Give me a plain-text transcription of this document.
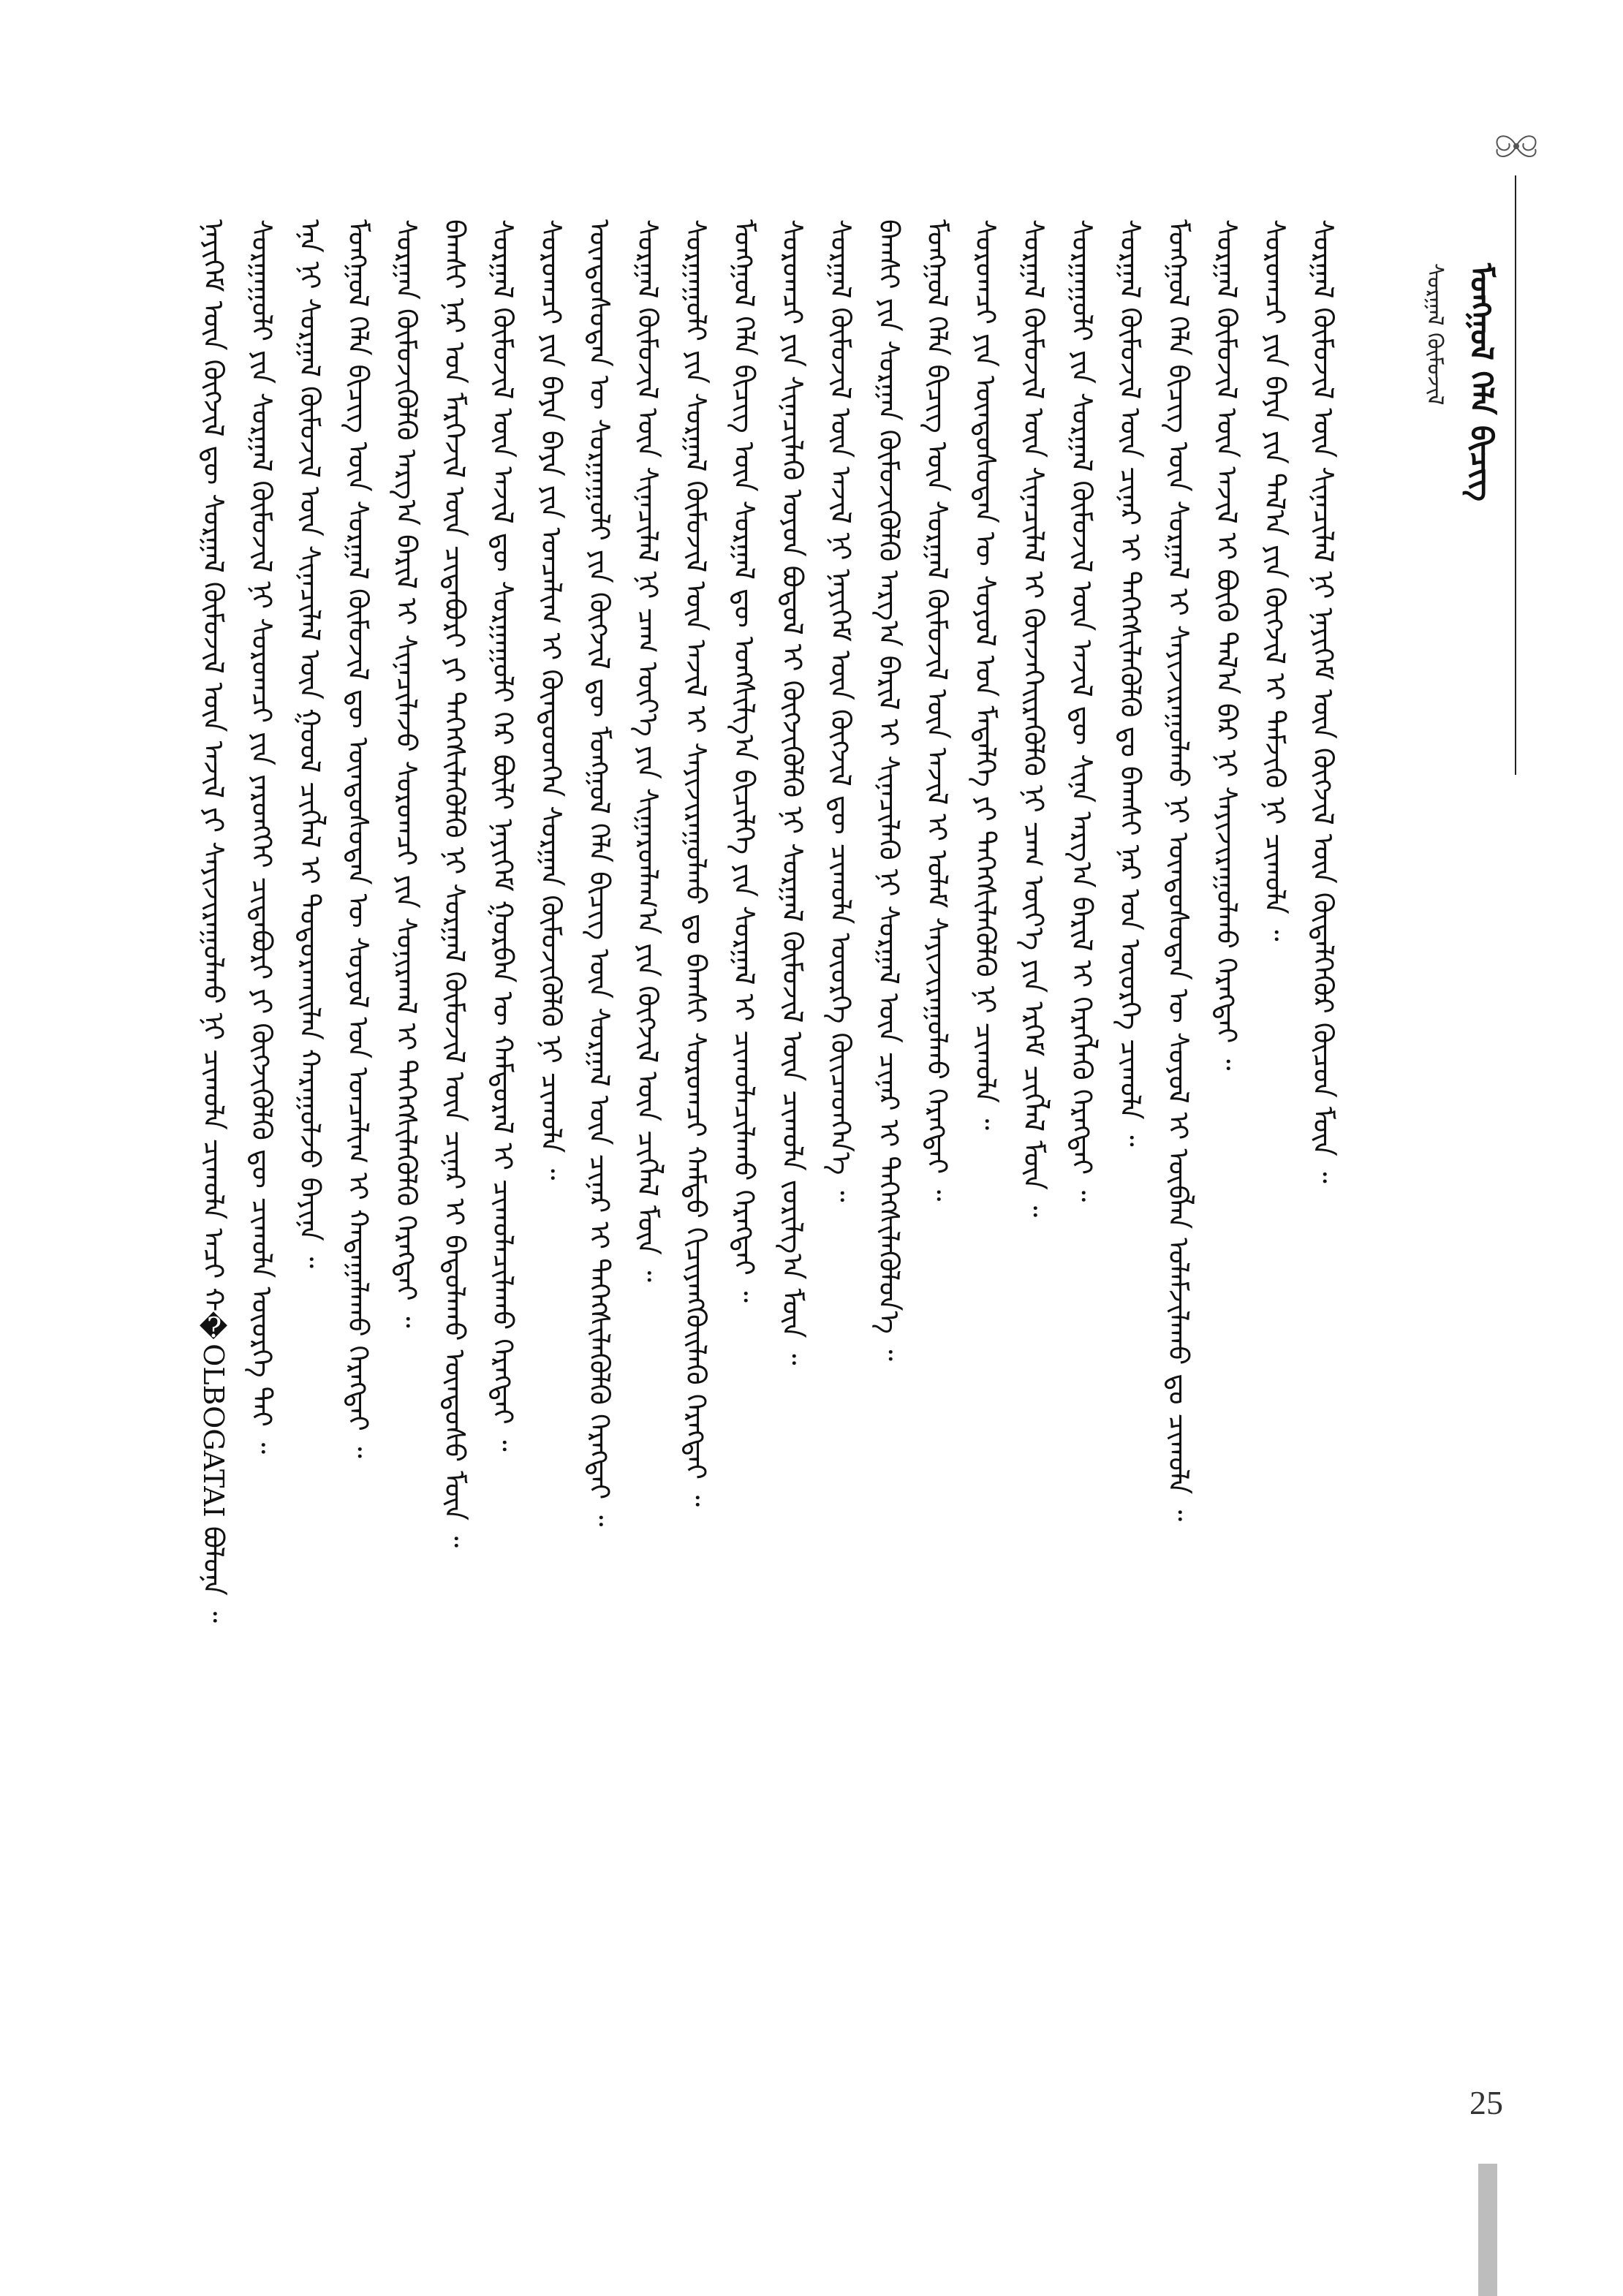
ᠮᠣᠩᠭᠣᠯ ᠬᠡᠯᠡ ᠪᠢᠴᠢᠭ
ᠰᠤᠷᠭᠠᠯ ᠬᠦᠮᠦᠵᠢᠯ
ᠨᠡᠶᠢᠭᠡᠮ ᠦᠨ ᠬᠥᠭᠵᠢᠯ ᠳᠦ ᠰᠤᠷᠭᠠᠯ ᠬᠦᠮᠦᠵᠢᠯ ᠦᠨ ᠠᠵᠢᠯ ᠶᠢ ᠰᠠᠶᠢᠵᠢᠷᠠᠭᠤᠯᠬᠤ ᠨᠢ ᠴᠢᠬᠤᠯᠠ ᠴᠢᠬᠤᠯᠠ ᠠᠴᠢ ᠬ�OLBOGATAI ᠪᠣᠯᠤᠨᠠ ᠃ ᠰᠤᠷᠭᠠᠭᠤᠯᠢ ᠶᠢᠨ ᠰᠤᠷᠭᠠᠯ ᠬᠦᠮᠦᠵᠢᠯ ᠨᠢ ᠰᠤᠷᠤᠭᠴᠢ ᠶᠢᠨ ᠶᠡᠷᠦᠩᠬᠡᠢ ᠴᠢᠳᠠᠪᠤᠷᠢ ᠶᠢ ᠬᠥᠭᠵᠢᠭᠦᠯᠬᠦ ᠳᠦ ᠴᠢᠬᠤᠯᠠ ᠦᠦᠷᠭᠡ ᠲᠡᠢ ᠃ ᠡᠨᠡ ᠨᠢ ᠰᠤᠷᠭᠠᠯ ᠬᠦᠮᠦᠵᠢᠯ ᠦᠨ ᠰᠢᠨᠡᠴᠢᠯᠡᠯ ᠦᠨ ᠭᠣᠣᠯ ᠴᠢᠭᠯᠡᠯ ᠢ ᠲᠣᠳᠣᠷᠬᠠᠢᠯᠠᠨ ᠬᠠᠷᠠᠭᠤᠯᠵᠤ ᠪᠠᠶᠢᠨᠠ ᠃ ᠮᠣᠩᠭᠣᠯ ᠬᠡᠯᠡ ᠪᠢᠴᠢᠭ ᠦᠨ ᠰᠤᠷᠭᠠᠯ ᠬᠦᠮᠦᠵᠢᠯ ᠳᠦ ᠦᠨᠳᠦᠰᠦᠲᠡᠨ ᠦ ᠰᠣᠶᠣᠯ ᠤᠨ ᠣᠨᠴᠠᠯᠢᠭ ᠢ ᠬᠠᠳᠠᠭᠠᠯᠠᠬᠤ ᠬᠡᠷᠡᠭᠲᠡᠢ ᠃ ᠰᠤᠷᠭᠠᠨ ᠬᠦᠮᠦᠵᠢᠭᠦᠯᠬᠦ ᠠᠷᠭ᠎ᠠ ᠪᠠᠷᠢᠯ ᠢ ᠰᠢᠨᠡᠴᠢᠯᠡᠵᠦ ᠰᠤᠷᠤᠭᠴᠢ ᠶᠢᠨ ᠰᠣᠨᠢᠷᠬᠠᠯ ᠢ ᠳᠡᠭᠡᠭᠰᠢᠯᠡᠭᠦᠯᠬᠦ ᠬᠡᠷᠡᠭᠲᠡᠢ ᠃ ᠪᠠᠭᠰᠢ ᠨᠠᠷ ᠤᠨ ᠮᠡᠷᠭᠡᠵᠢᠯ ᠦᠨ ᠴᠢᠳᠠᠪᠤᠷᠢ ᠶᠢ ᠳᠡᠭᠡᠭᠰᠢᠯᠡᠭᠦᠯᠬᠦ ᠨᠢ ᠰᠤᠷᠭᠠᠯ ᠬᠦᠮᠦᠵᠢᠯ ᠦᠨ ᠴᠢᠨᠠᠷ ᠢ ᠪᠠᠲᠤᠯᠠᠬᠤ ᠦᠨᠳᠦᠰᠦ ᠮᠥᠨ ᠃ ᠰᠤᠷᠭᠠᠯ ᠬᠦᠮᠦᠵᠢᠯ ᠦᠨ ᠠᠵᠢᠯ ᠳᠦ ᠰᠤᠷᠭᠠᠭᠤᠯᠢ ᠭᠡᠷ ᠪᠦᠯᠢ ᠨᠡᠶᠢᠭᠡᠮ ᠭᠤᠷᠪᠠᠨ ᠦ ᠬᠠᠮᠲᠤᠷᠠᠯ ᠢ ᠴᠢᠬᠤᠯᠠᠴᠢᠯᠠᠬᠤ ᠬᠡᠷᠡᠭᠲᠡᠢ ᠃ ᠰᠤᠷᠤᠭᠴᠢ ᠶᠢᠨ ᠪᠡᠶᠡ ᠪᠡᠶᠡ ᠶᠢᠨ ᠣᠨᠴᠠᠯᠢᠭ ᠢ ᠬᠦᠨᠳᠦᠳᠬᠡᠨ ᠰᠤᠷᠭᠠᠨ ᠬᠦᠮᠦᠵᠢᠭᠦᠯᠬᠦ ᠨᠢ ᠴᠢᠬᠤᠯᠠ ᠃ ᠦᠨᠳᠦᠰᠦᠲᠡᠨ ᠦ ᠰᠤᠷᠭᠠᠭᠤᠯᠢ ᠶᠢᠨ ᠬᠥᠭᠵᠢᠯ ᠳᠦ ᠮᠣᠩᠭᠣᠯ ᠬᠡᠯᠡ ᠪᠢᠴᠢᠭ ᠦᠨ ᠰᠤᠷᠭᠠᠯ ᠦᠨ ᠴᠢᠨᠠᠷ ᠢ ᠳᠡᠭᠡᠭᠰᠢᠯᠡᠭᠦᠯᠬᠦ ᠬᠡᠷᠡᠭᠲᠡᠢ ᠃ ᠰᠤᠷᠭᠠᠯ ᠬᠦᠮᠦᠵᠢᠯ ᠦᠨ ᠰᠢᠨᠡᠴᠢᠯᠡᠯ ᠨᠢ ᠴᠠᠭ ᠦᠶ᠎ᠡ ᠶᠢᠨ ᠰᠢᠭᠠᠷᠳᠯᠠᠭ᠎ᠠ ᠶᠢᠨ ᠬᠥᠭᠵᠢᠯ ᠦᠨ ᠴᠢᠭᠯᠡᠯ ᠮᠥᠨ ᠃ ᠰᠤᠷᠭᠠᠭᠤᠯᠢ ᠶᠢᠨ ᠰᠤᠷᠭᠠᠯ ᠬᠦᠮᠦᠵᠢᠯ ᠦᠨ ᠠᠵᠢᠯ ᠢ ᠰᠠᠶᠢᠵᠢᠷᠠᠭᠤᠯᠬᠤ ᠳᠤ ᠪᠠᠭᠰᠢ ᠰᠤᠷᠤᠭᠴᠢ ᠬᠠᠮᠲᠤ ᠬᠢᠴᠢᠶᠡᠩᠭᠦᠢᠯᠡᠬᠦ ᠬᠡᠷᠡᠭᠲᠡᠢ ᠃ ᠮᠣᠩᠭᠣᠯ ᠬᠡᠯᠡ ᠪᠢᠴᠢᠭ ᠦᠨ ᠰᠤᠷᠭᠠᠯ ᠳᠦ ᠤᠩᠰᠢᠯᠭ᠎ᠠ ᠪᠢᠴᠢᠯᠭᠡ ᠶᠢᠨ ᠰᠤᠷᠭᠠᠯ ᠢ ᠴᠢᠬᠤᠯᠠᠴᠢᠯᠠᠬᠤ ᠬᠡᠷᠡᠭᠲᠡᠢ ᠃ ᠰᠤᠷᠤᠭᠴᠢ ᠶᠢᠨ ᠰᠢᠨᠡᠴᠢᠯᠡᠬᠦ ᠤᠶᠤᠨ ᠪᠣᠳᠤᠯ ᠢ ᠬᠥᠭᠵᠢᠭᠦᠯᠬᠦ ᠨᠢ ᠰᠤᠷᠭᠠᠯ ᠬᠦᠮᠦᠵᠢᠯ ᠦᠨ ᠴᠢᠬᠤᠯᠠ ᠵᠣᠷᠢᠯᠭ᠎ᠠ ᠮᠥᠨ ᠃ ᠰᠤᠷᠭᠠᠯ ᠬᠦᠮᠦᠵᠢᠯ ᠦᠨ ᠠᠵᠢᠯ ᠨᠢ ᠨᠡᠶᠢᠭᠡᠮ ᠦᠨ ᠬᠥᠭᠵᠢᠯ ᠳᠦ ᠴᠢᠬᠤᠯᠠ ᠦᠦᠷᠭᠡ ᠭᠦᠢᠴᠡᠳᠭᠡᠨ᠎ᠡ ᠃ ᠪᠠᠭᠰᠢ ᠶᠢᠨ ᠰᠤᠷᠭᠠᠨ ᠬᠦᠮᠦᠵᠢᠭᠦᠯᠬᠦ ᠠᠷᠭ᠎ᠠ ᠪᠠᠷᠢᠯ ᠢ ᠰᠢᠨᠡᠴᠢᠯᠡᠬᠦ ᠨᠢ ᠰᠤᠷᠭᠠᠯ ᠦᠨ ᠴᠢᠨᠠᠷ ᠢ ᠳᠡᠭᠡᠭᠰᠢᠯᠡᠭᠦᠯᠦᠨ᠎ᠡ ᠃ ᠮᠣᠩᠭᠣᠯ ᠬᠡᠯᠡ ᠪᠢᠴᠢᠭ ᠦᠨ ᠰᠤᠷᠭᠠᠯ ᠬᠦᠮᠦᠵᠢᠯ ᠦᠨ ᠠᠵᠢᠯ ᠢ ᠤᠯᠠᠮ ᠰᠠᠶᠢᠵᠢᠷᠠᠭᠤᠯᠬᠤ ᠬᠡᠷᠡᠭᠲᠡᠢ ᠃ ᠰᠤᠷᠤᠭᠴᠢ ᠶᠢᠨ ᠦᠨᠳᠦᠰᠦᠲᠡᠨ ᠦ ᠰᠣᠶᠣᠯ ᠤᠨ ᠮᠡᠳᠡᠯᠭᠡ ᠶᠢ ᠳᠡᠭᠡᠭᠰᠢᠯᠡᠭᠦᠯᠬᠦ ᠨᠢ ᠴᠢᠬᠤᠯᠠ ᠃ ᠰᠤᠷᠭᠠᠯ ᠬᠦᠮᠦᠵᠢᠯ ᠦᠨ ᠰᠢᠨᠡᠴᠢᠯᠡᠯ ᠢ ᠭᠦᠨᠵᠡᠭᠡᠢᠷᠡᠭᠦᠯᠬᠦ ᠨᠢ ᠴᠠᠭ ᠦᠶ᠎ᠡ ᠶᠢᠨ ᠡᠷᠬᠡᠮ ᠴᠢᠭᠯᠡᠯ ᠮᠥᠨ ᠃ ᠰᠤᠷᠭᠠᠭᠤᠯᠢ ᠶᠢᠨ ᠰᠤᠷᠭᠠᠯ ᠬᠦᠮᠦᠵᠢᠯ ᠦᠨ ᠠᠵᠢᠯ ᠳᠦ ᠰᠢᠨᠡ ᠠᠷᠭ᠎ᠠ ᠪᠠᠷᠢᠯ ᠢ ᠬᠡᠷᠡᠭᠯᠡᠬᠦ ᠬᠡᠷᠡᠭᠲᠡᠢ ᠃ ᠰᠤᠷᠭᠠᠯ ᠬᠦᠮᠦᠵᠢᠯ ᠦᠨ ᠴᠢᠨᠠᠷ ᠢ ᠳᠡᠭᠡᠭᠰᠢᠯᠡᠭᠦᠯᠬᠦ ᠳᠤ ᠪᠠᠭᠰᠢ ᠨᠠᠷ ᠤᠨ ᠦᠦᠷᠭᠡ ᠴᠢᠬᠤᠯᠠ ᠃ ᠮᠣᠩᠭᠣᠯ ᠬᠡᠯᠡ ᠪᠢᠴᠢᠭ ᠦᠨ ᠰᠤᠷᠭᠠᠯ ᠢ ᠰᠠᠶᠢᠵᠢᠷᠠᠭᠤᠯᠬᠤ ᠨᠢ ᠦᠨᠳᠦᠰᠦᠲᠡᠨ ᠦ ᠰᠣᠶᠣᠯ ᠢ ᠥᠪᠯᠡᠨ ᠤᠯᠠᠮᠵᠢᠯᠠᠬᠤ ᠳᠤ ᠴᠢᠬᠤᠯᠠ ᠃ ᠰᠤᠷᠭᠠᠯ ᠬᠦᠮᠦᠵᠢᠯ ᠦᠨ ᠠᠵᠢᠯ ᠢ ᠪᠦᠬᠦ ᠲᠠᠯ᠎ᠠ ᠪᠠᠷ ᠨᠢ ᠰᠠᠶᠢᠵᠢᠷᠠᠭᠤᠯᠬᠤ ᠬᠡᠷᠡᠭᠲᠡᠢ ᠃ ᠰᠤᠷᠤᠭᠴᠢ ᠶᠢᠨ ᠪᠡᠶᠡ ᠶᠢᠨ ᠲᠠᠯ᠎ᠠ ᠶᠢᠨ ᠬᠥᠭᠵᠢᠯ ᠢ ᠳᠡᠮᠵᠢᠬᠦ ᠨᠢ ᠴᠢᠬᠤᠯᠠ ᠃ ᠰᠤᠷᠭᠠᠯ ᠬᠦᠮᠦᠵᠢᠯ ᠦᠨ ᠰᠢᠨᠡᠴᠢᠯᠡᠯ ᠨᠢ ᠨᠡᠶᠢᠭᠡᠮ ᠦᠨ ᠬᠥᠭᠵᠢᠯ ᠦᠨ ᠬᠦᠳᠡᠯᠭᠡᠭᠦᠷ ᠬᠦᠴᠦᠨ ᠮᠥᠨ ᠃
25
